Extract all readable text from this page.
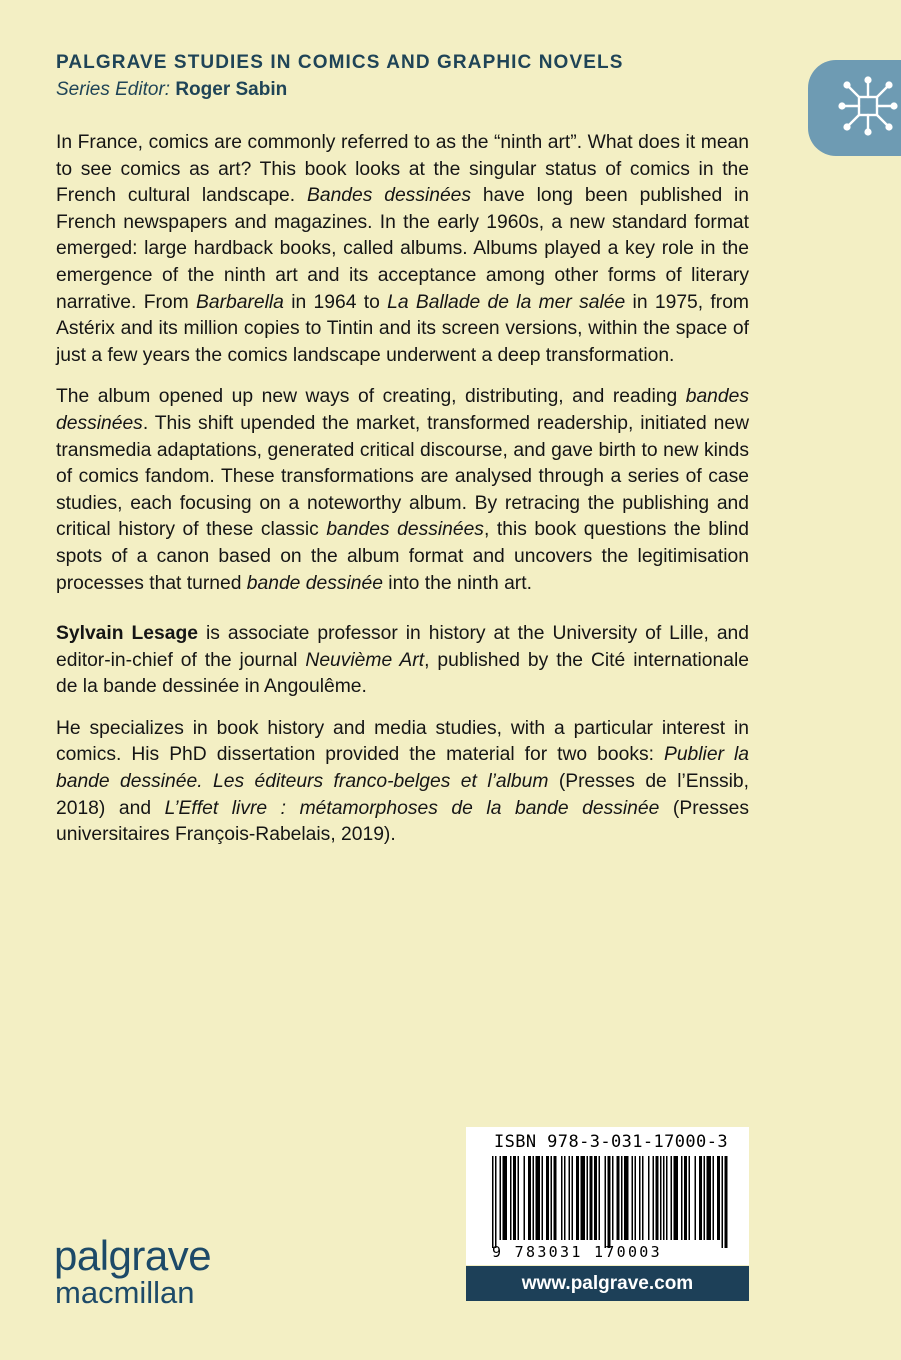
PALGRAVE STUDIES IN COMICS AND GRAPHIC NOVELS
Series Editor: Roger Sabin

In France, comics are commonly referred to as the “ninth art”. What does it mean to see comics as art? This book looks at the singular status of comics in the French cultural landscape. Bandes dessinées have long been published in French newspapers and magazines. In the early 1960s, a new standard format emerged: large hardback books, called albums. Albums played a key role in the emergence of the ninth art and its acceptance among other forms of literary narrative. From Barbarella in 1964 to La Ballade de la mer salée in 1975, from Astérix and its million copies to Tintin and its screen versions, within the space of just a few years the comics landscape underwent a deep transformation.

The album opened up new ways of creating, distributing, and reading bandes dessinées. This shift upended the market, transformed readership, initiated new transmedia adaptations, generated critical discourse, and gave birth to new kinds of comics fandom. These transformations are analysed through a series of case studies, each focusing on a noteworthy album. By retracing the publishing and critical history of these classic bandes dessinées, this book questions the blind spots of a canon based on the album format and uncovers the legitimisation processes that turned bande dessinée into the ninth art.

Sylvain Lesage is associate professor in history at the University of Lille, and editor-in-chief of the journal Neuvième Art, published by the Cité internationale de la bande dessinée in Angoulême.

He specializes in book history and media studies, with a particular interest in comics. His PhD dissertation provided the material for two books: Publier la bande dessinée. Les éditeurs franco-belges et l’album (Presses de l’Enssib, 2018) and L’Effet livre : métamorphoses de la bande dessinée (Presses universitaires François-Rabelais, 2019).

ISBN 978-3-031-17000-3
9 783031 170003
www.palgrave.com
palgrave
macmillan
